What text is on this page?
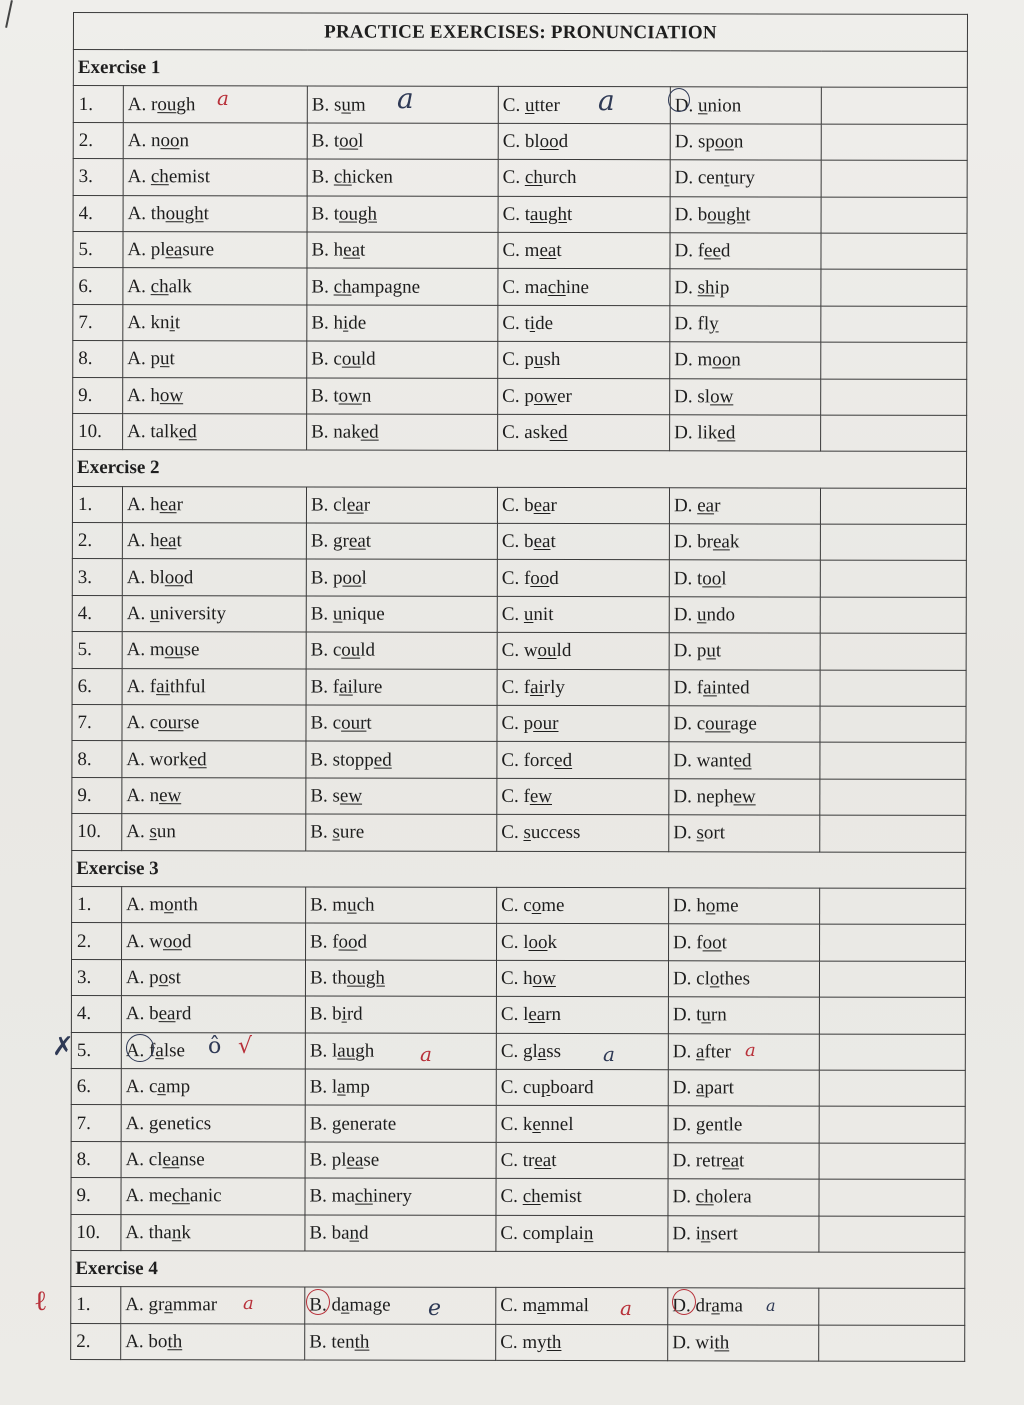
PRACTICE EXERCISES: PRONUNCIATION					
Exercise 1					
1.	A. rough	B. sum	C. utter	D. union	
2.	A. noon	B. tool	C. blood	D. spoon	
3.	A. chemist	B. chicken	C. church	D. century	
4.	A. thought	B. tough	C. taught	D. bought	
5.	A. pleasure	B. heat	C. meat	D. feed	
6.	A. chalk	B. champagne	C. machine	D. ship	
7.	A. knit	B. hide	C. tide	D. fly	
8.	A. put	B. could	C. push	D. moon	
9.	A. how	B. town	C. power	D. slow	
10.	A. talked	B. naked	C. asked	D. liked	
Exercise 2					
1.	A. hear	B. clear	C. bear	D. ear	
2.	A. heat	B. great	C. beat	D. break	
3.	A. blood	B. pool	C. food	D. tool	
4.	A. university	B. unique	C. unit	D. undo	
5.	A. mouse	B. could	C. would	D. put	
6.	A. faithful	B. failure	C. fairly	D. fainted	
7.	A. course	B. court	C. pour	D. courage	
8.	A. worked	B. stopped	C. forced	D. wanted	
9.	A. new	B. sew	C. few	D. nephew	
10.	A. sun	B. sure	C. success	D. sort	
Exercise 3					
1.	A. month	B. much	C. come	D. home	
2.	A. wood	B. food	C. look	D. foot	
3.	A. post	B. though	C. how	D. clothes	
4.	A. beard	B. bird	C. learn	D. turn	
5.	A. false	B. laugh	C. glass	D. after	
6.	A. camp	B. lamp	C. cupboard	D. apart	
7.	A. genetics	B. generate	C. kennel	D. gentle	
8.	A. cleanse	B. please	C. treat	D. retreat	
9.	A. mechanic	B. machinery	C. chemist	D. cholera	
10.	A. thank	B. band	C. complain	D. insert	
Exercise 4					
1.	A. grammar	B. damage	C. mammal	D. drama	
2.	A. both	B. tenth	C. myth	D. with	
a	a	a
✗	ô √	a	a	a
ℓ	a	e	a	a
